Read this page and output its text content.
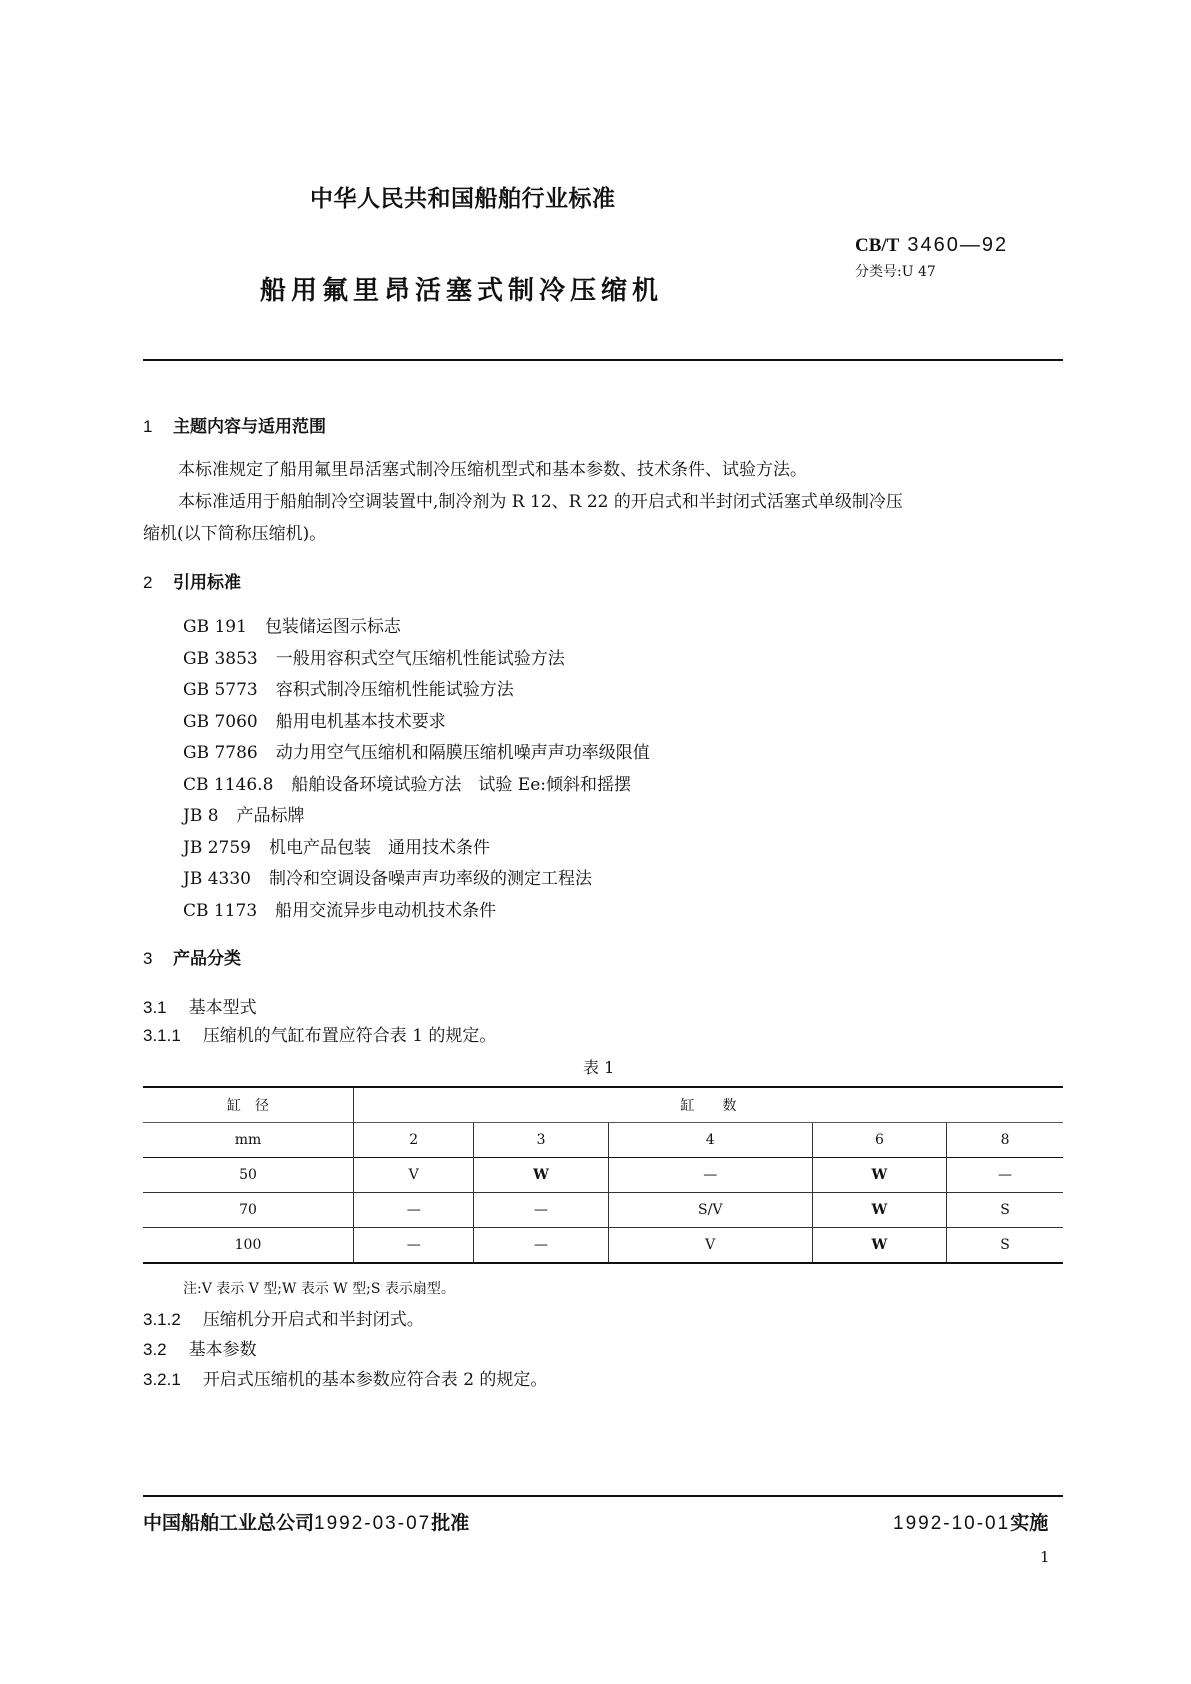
中华人民共和国船舶行业标准
船用氟里昂活塞式制冷压缩机
CB/T 3460—92
分类号:U 47
1 主题内容与适用范围
本标准规定了船用氟里昂活塞式制冷压缩机型式和基本参数、技术条件、试验方法。
本标准适用于船舶制冷空调装置中,制冷剂为 R 12、R 22 的开启式和半封闭式活塞式单级制冷压
缩机(以下简称压缩机)。
2 引用标准
GB 191 包装储运图示标志
GB 3853 一般用容积式空气压缩机性能试验方法
GB 5773 容积式制冷压缩机性能试验方法
GB 7060 船用电机基本技术要求
GB 7786 动力用空气压缩机和隔膜压缩机噪声声功率级限值
CB 1146.8 船舶设备环境试验方法　试验 Ee:倾斜和摇摆
JB 8 产品标牌
JB 2759 机电产品包装　通用技术条件
JB 4330 制冷和空调设备噪声声功率级的测定工程法
CB 1173 船用交流异步电动机技术条件
3 产品分类
3.1 基本型式
3.1.1 压缩机的气缸布置应符合表 1 的规定。
表 1
缸　径	缸　　数				
mm	2	3	4	6	8
50	V	W	—	W	—
70	—	—	S/V	W	S
100	—	—	V	W	S
注:V 表示 V 型;W 表示 W 型;S 表示扇型。
3.1.2 压缩机分开启式和半封闭式。
3.2 基本参数
3.2.1 开启式压缩机的基本参数应符合表 2 的规定。
中国船舶工业总公司1992-03-07批准	1992-10-01实施
1
